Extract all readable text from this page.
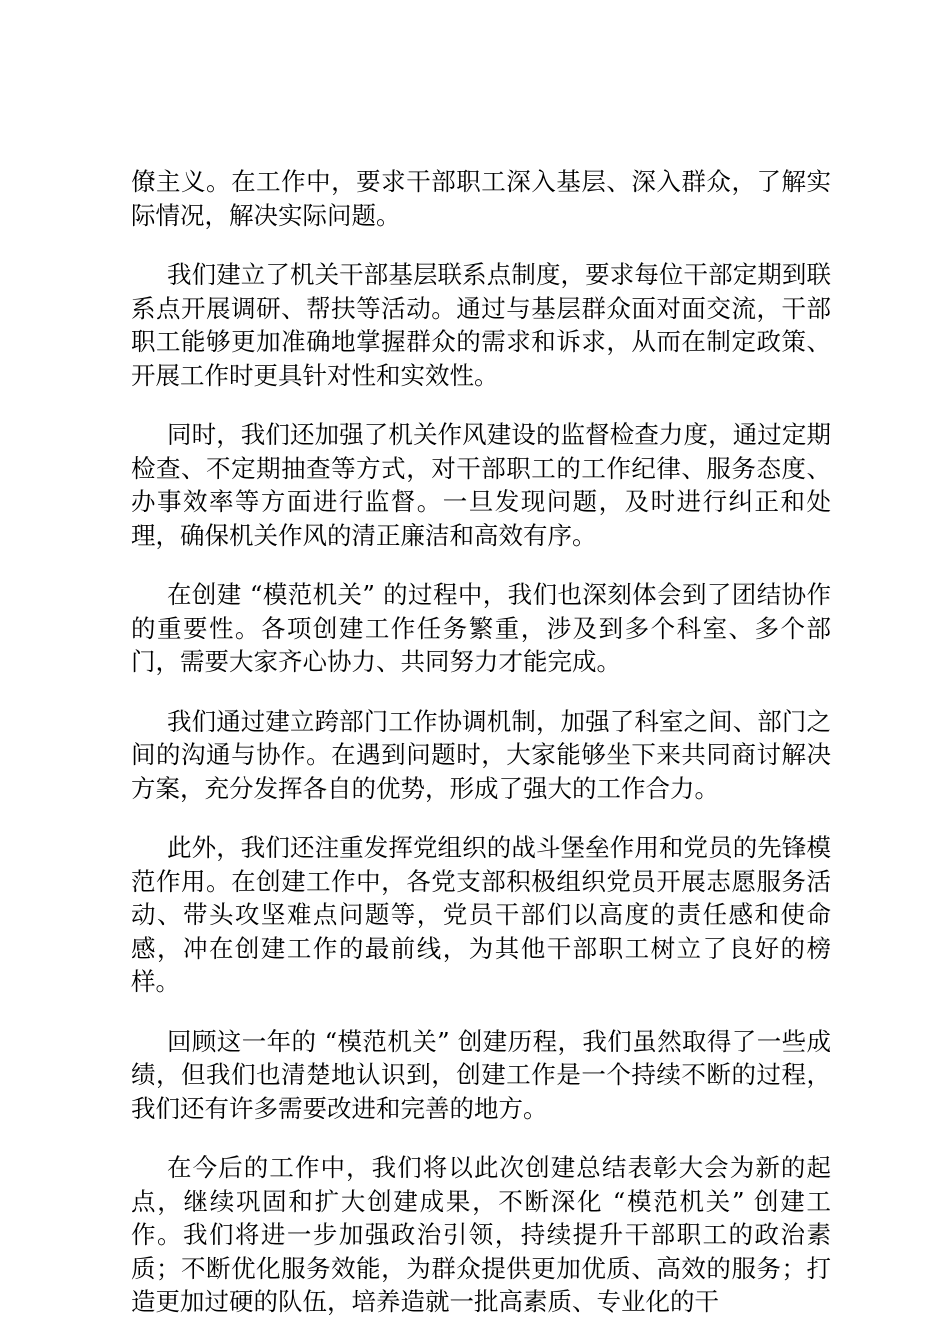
僚主义。在工作中，要求干部职工深入基层、深入群众，了解实际情况，解决实际问题。

我们建立了机关干部基层联系点制度，要求每位干部定期到联系点开展调研、帮扶等活动。通过与基层群众面对面交流，干部职工能够更加准确地掌握群众的需求和诉求，从而在制定政策、开展工作时更具针对性和实效性。

同时，我们还加强了机关作风建设的监督检查力度，通过定期检查、不定期抽查等方式，对干部职工的工作纪律、服务态度、办事效率等方面进行监督。一旦发现问题，及时进行纠正和处理，确保机关作风的清正廉洁和高效有序。

在创建 “模范机关” 的过程中，我们也深刻体会到了团结协作的重要性。各项创建工作任务繁重，涉及到多个科室、多个部门，需要大家齐心协力、共同努力才能完成。

我们通过建立跨部门工作协调机制，加强了科室之间、部门之间的沟通与协作。在遇到问题时，大家能够坐下来共同商讨解决方案，充分发挥各自的优势，形成了强大的工作合力。

此外，我们还注重发挥党组织的战斗堡垒作用和党员的先锋模范作用。在创建工作中，各党支部积极组织党员开展志愿服务活动、带头攻坚难点问题等，党员干部们以高度的责任感和使命感，冲在创建工作的最前线，为其他干部职工树立了良好的榜样。

回顾这一年的 “模范机关” 创建历程，我们虽然取得了一些成绩，但我们也清楚地认识到，创建工作是一个持续不断的过程，我们还有许多需要改进和完善的地方。

在今后的工作中，我们将以此次创建总结表彰大会为新的起点，继续巩固和扩大创建成果，不断深化 “模范机关” 创建工作。我们将进一步加强政治引领，持续提升干部职工的政治素质；不断优化服务效能，为群众提供更加优质、高效的服务；打造更加过硬的队伍，培养造就一批高素质、专业化的干
